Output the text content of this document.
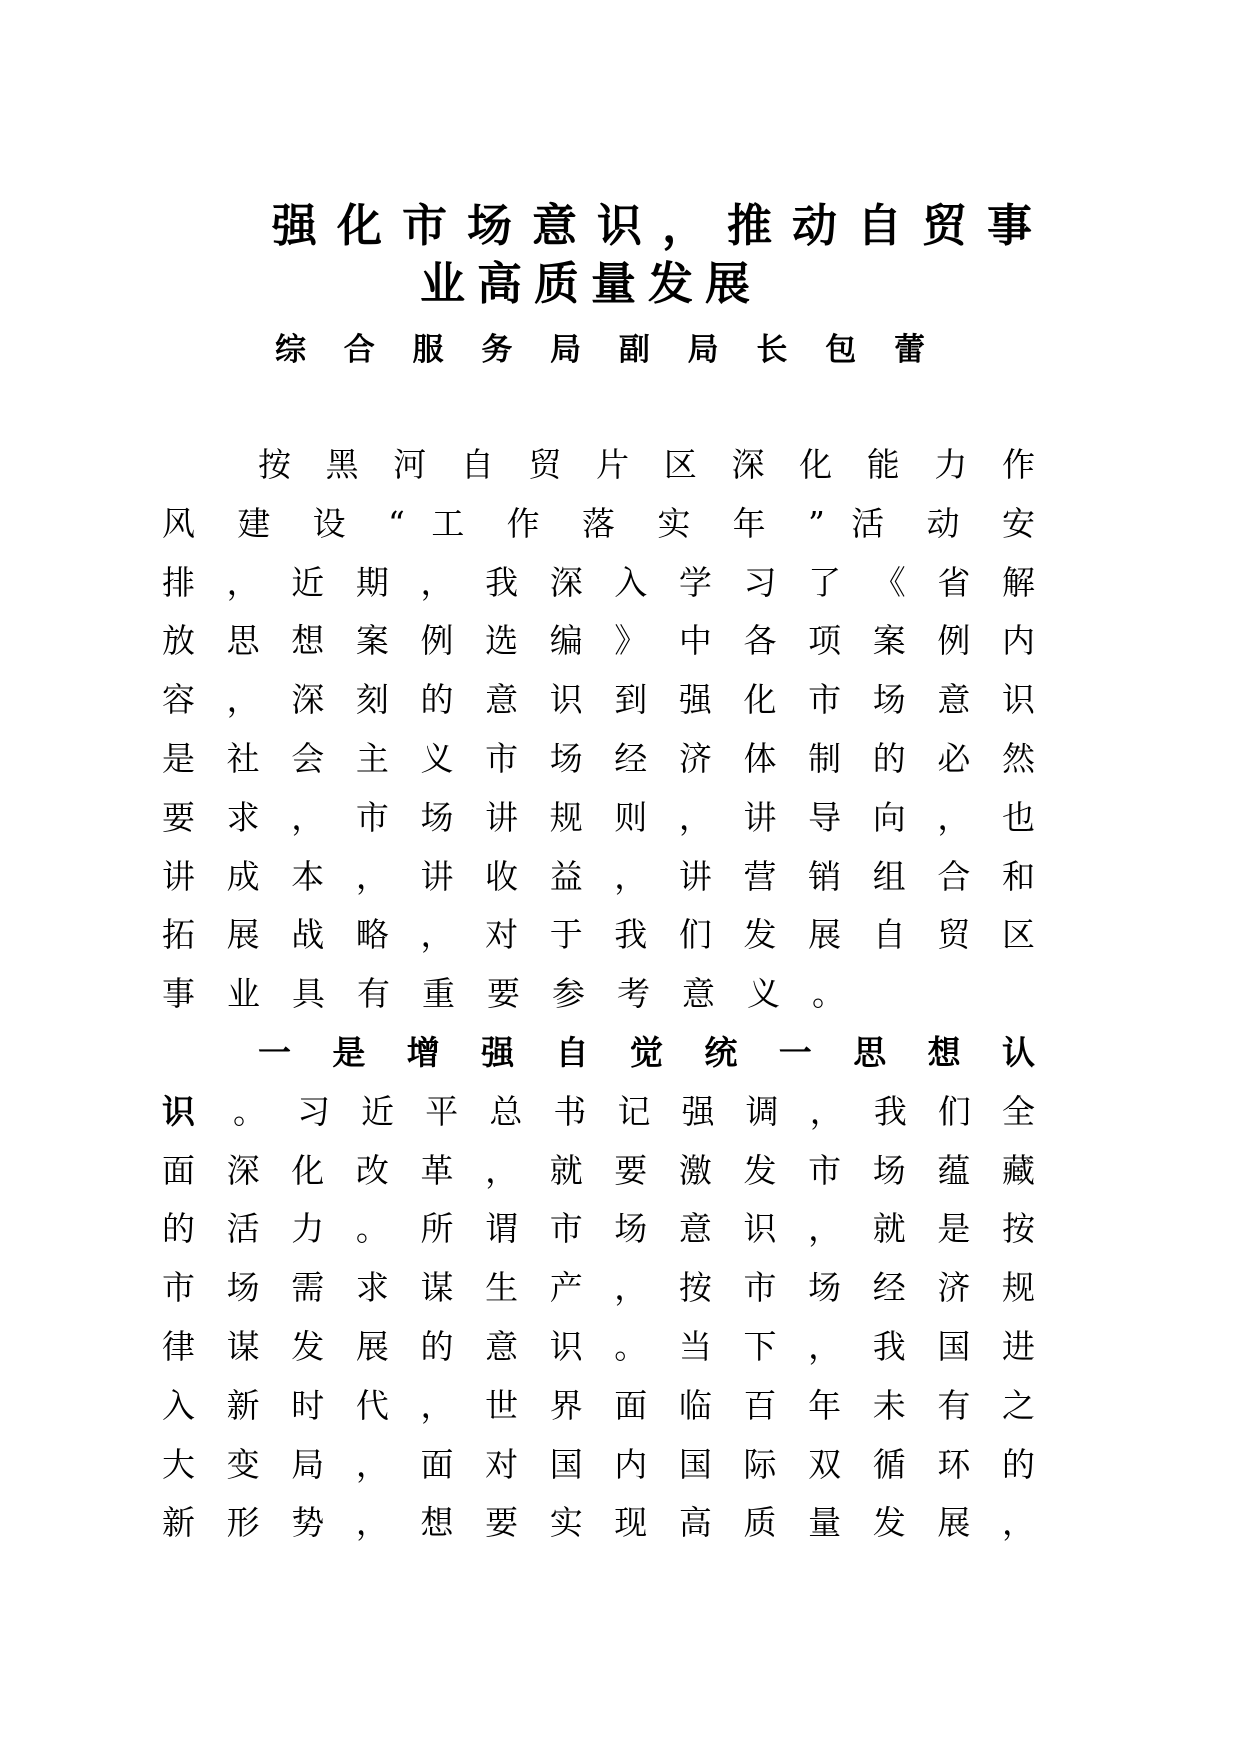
强 化 市 场 意 识 ， 推 动 自 贸 事
业高质量发展
综 合 服 务 局 副 局 长 包 蕾
按 黑 河 自 贸 片 区 深 化 能 力 作
风 建 设 “ 工 作 落 实 年 ” 活 动 安
排 ， 近 期 ， 我 深 入 学 习 了 《 省 解
放 思 想 案 例 选 编 》 中 各 项 案 例 内
容 ， 深 刻 的 意 识 到 强 化 市 场 意 识
是 社 会 主 义 市 场 经 济 体 制 的 必 然
要 求 ， 市 场 讲 规 则 ， 讲 导 向 ， 也
讲 成 本 ， 讲 收 益 ， 讲 营 销 组 合 和
拓 展 战 略 ， 对 于 我 们 发 展 自 贸 区
事业具有重要参考意义。
一 是 增 强 自 觉 统 一 思 想 认
识 。 习 近 平 总 书 记 强 调 ， 我 们 全
面 深 化 改 革 ， 就 要 激 发 市 场 蕴 藏
的 活 力 。 所 谓 市 场 意 识 ， 就 是 按
市 场 需 求 谋 生 产 ， 按 市 场 经 济 规
律 谋 发 展 的 意 识 。 当 下 ， 我 国 进
入 新 时 代 ， 世 界 面 临 百 年 未 有 之
大 变 局 ， 面 对 国 内 国 际 双 循 环 的
新 形 势 ， 想 要 实 现 高 质 量 发 展 ，
